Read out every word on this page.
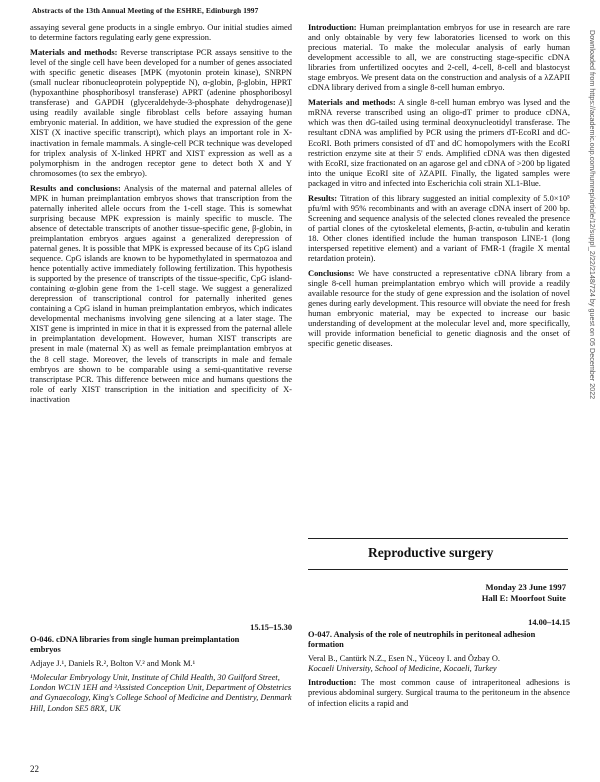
Abstracts of the 13th Annual Meeting of the ESHRE, Edinburgh 1997
Downloaded from https://academic.oup.com/humrep/article/12/suppl_2/22/2148/724 by guest on 05 December 2022

assaying several gene products in a single embryo. Our initial studies aimed to determine factors regulating early gene expression.

Materials and methods: Reverse transcriptase PCR assays sensitive to the level of the single cell have been developed for a number of genes associated with specific genetic diseases [MPK (myotonin protein kinase), SNRPN (small nuclear ribonucleoprotein polypeptide N), α-globin, β-globin, HPRT (hypoxanthine phosphoribosyl transferase) APRT (adenine phosphoribosyl transferase) and GAPDH (glyceraldehyde-3-phosphate dehydrogenase)] using readily available single fibroblast cells before assaying human embryonic material. In addition, we have studied the expression of the gene XIST (X inactive specific transcript), which plays an important role in X-inactivation in female mammals. A single-cell PCR technique was developed for triplex analysis of X-linked HPRT and XIST expression as well as a polymorphism in the androgen receptor gene to detect both X and Y chromosomes (to sex the embryo).

Results and conclusions: Analysis of the maternal and paternal alleles of MPK in human preimplantation embryos shows that transcription from the paternally inherited allele occurs from the 1-cell stage. This is somewhat surprising because MPK expression is mainly specific to muscle. The absence of detectable transcripts of another tissue-specific gene, β-globin, in preimplantation embryos argues against a generalized derepression of paternal genes. It is possible that MPK is expressed because of its CpG island sequence. CpG islands are known to be hypomethylated in spermatozoa and hence potentially active immediately following fertilization. This hypothesis is supported by the presence of transcripts of the tissue-specific, CpG island-containing α-globin gene from the 1-cell stage. We suggest a generalized derepression of transcriptional control for paternally inherited genes containing a CpG island in human preimplantation embryos, which indicates developmental mechanisms involving gene silencing at a later stage. The XIST gene is imprinted in mice in that it is expressed from the paternal allele in preimplantation development. However, human XIST transcripts are present in male (maternal X) as well as female preimplantation embryos at the 8 cell stage. Moreover, the levels of transcripts in male and female embryos are shown to be comparable using a semi-quantitative reverse transcriptase PCR. This difference between mice and humans questions the role of early XIST transcription in the initiation and specificity of X-inactivation

15.15–15.30
O-046. cDNA libraries from single human preimplantation embryos
Adjaye J.¹, Daniels R.², Bolton V.² and Monk M.¹
¹Molecular Embryology Unit, Institute of Child Health, 30 Guilford Street, London WC1N 1EH and ²Assisted Conception Unit, Department of Obstetrics and Gynaecology, King's College School of Medicine and Dentistry, Denmark Hill, London SE5 8RX, UK

Introduction: Human preimplantation embryos for use in research are rare and only obtainable by very few laboratories licensed to work on this precious material. To make the molecular analysis of early human development accessible to all, we are constructing stage-specific cDNA libraries from unfertilized oocytes and 2-cell, 4-cell, 8-cell and blastocyst stage embryos. We present data on the construction and analysis of a λZAPII cDNA library derived from a single 8-cell human embryo.

Materials and methods: A single 8-cell human embryo was lysed and the mRNA reverse transcribed using an oligo-dT primer to produce cDNA, which was then dG-tailed using terminal deoxynucleotidyl transferase. The resultant cDNA was amplified by PCR using the primers dT-EcoRI and dC-EcoRI. Both primers consisted of dT and dC homopolymers with the EcoRI restriction enzyme site at their 5' ends. Amplified cDNA was then digested with EcoRI, size fractionated on an agarose gel and cDNA of >200 bp ligated into the unique EcoRI site of λZAPII. Finally, the ligated samples were packaged in vitro and infected into Escherichia coli strain XL1-Blue.

Results: Titration of this library suggested an initial complexity of 5.0×10⁵ pfu/ml with 95% recombinants and with an average cDNA insert of 200 bp. Screening and sequence analysis of the selected clones revealed the presence of partial clones of the cytoskeletal elements, β-actin, α-tubulin and keratin 18. Other clones identified include the human transposon LINE-1 (long interspersed repetitive element) and a variant of FMR-1 (fragile X mental retardation protein).

Conclusions: We have constructed a representative cDNA library from a single 8-cell human preimplantation embryo which will provide a readily available resource for the study of gene expression and the isolation of novel genes during early development. This resource will obviate the need for fresh human embryonic material, may be expected to increase our basic understanding of development at the molecular level and, more specifically, will provide information beneficial to genetic diagnosis and the onset of specific genetic diseases.

Reproductive surgery
Monday 23 June 1997
Hall E: Moorfoot Suite
14.00–14.15
O-047. Analysis of the role of neutrophils in peritoneal adhesion formation
Veral B., Cantürk N.Z., Esen N., Yüceoy I. and Özbay O.
Kocaeli University, School of Medicine, Kocaeli, Turkey
Introduction: The most common cause of intraperitoneal adhesions is previous abdominal surgery. Surgical trauma to the peritoneum in the absence of infection elicits a rapid and
22
